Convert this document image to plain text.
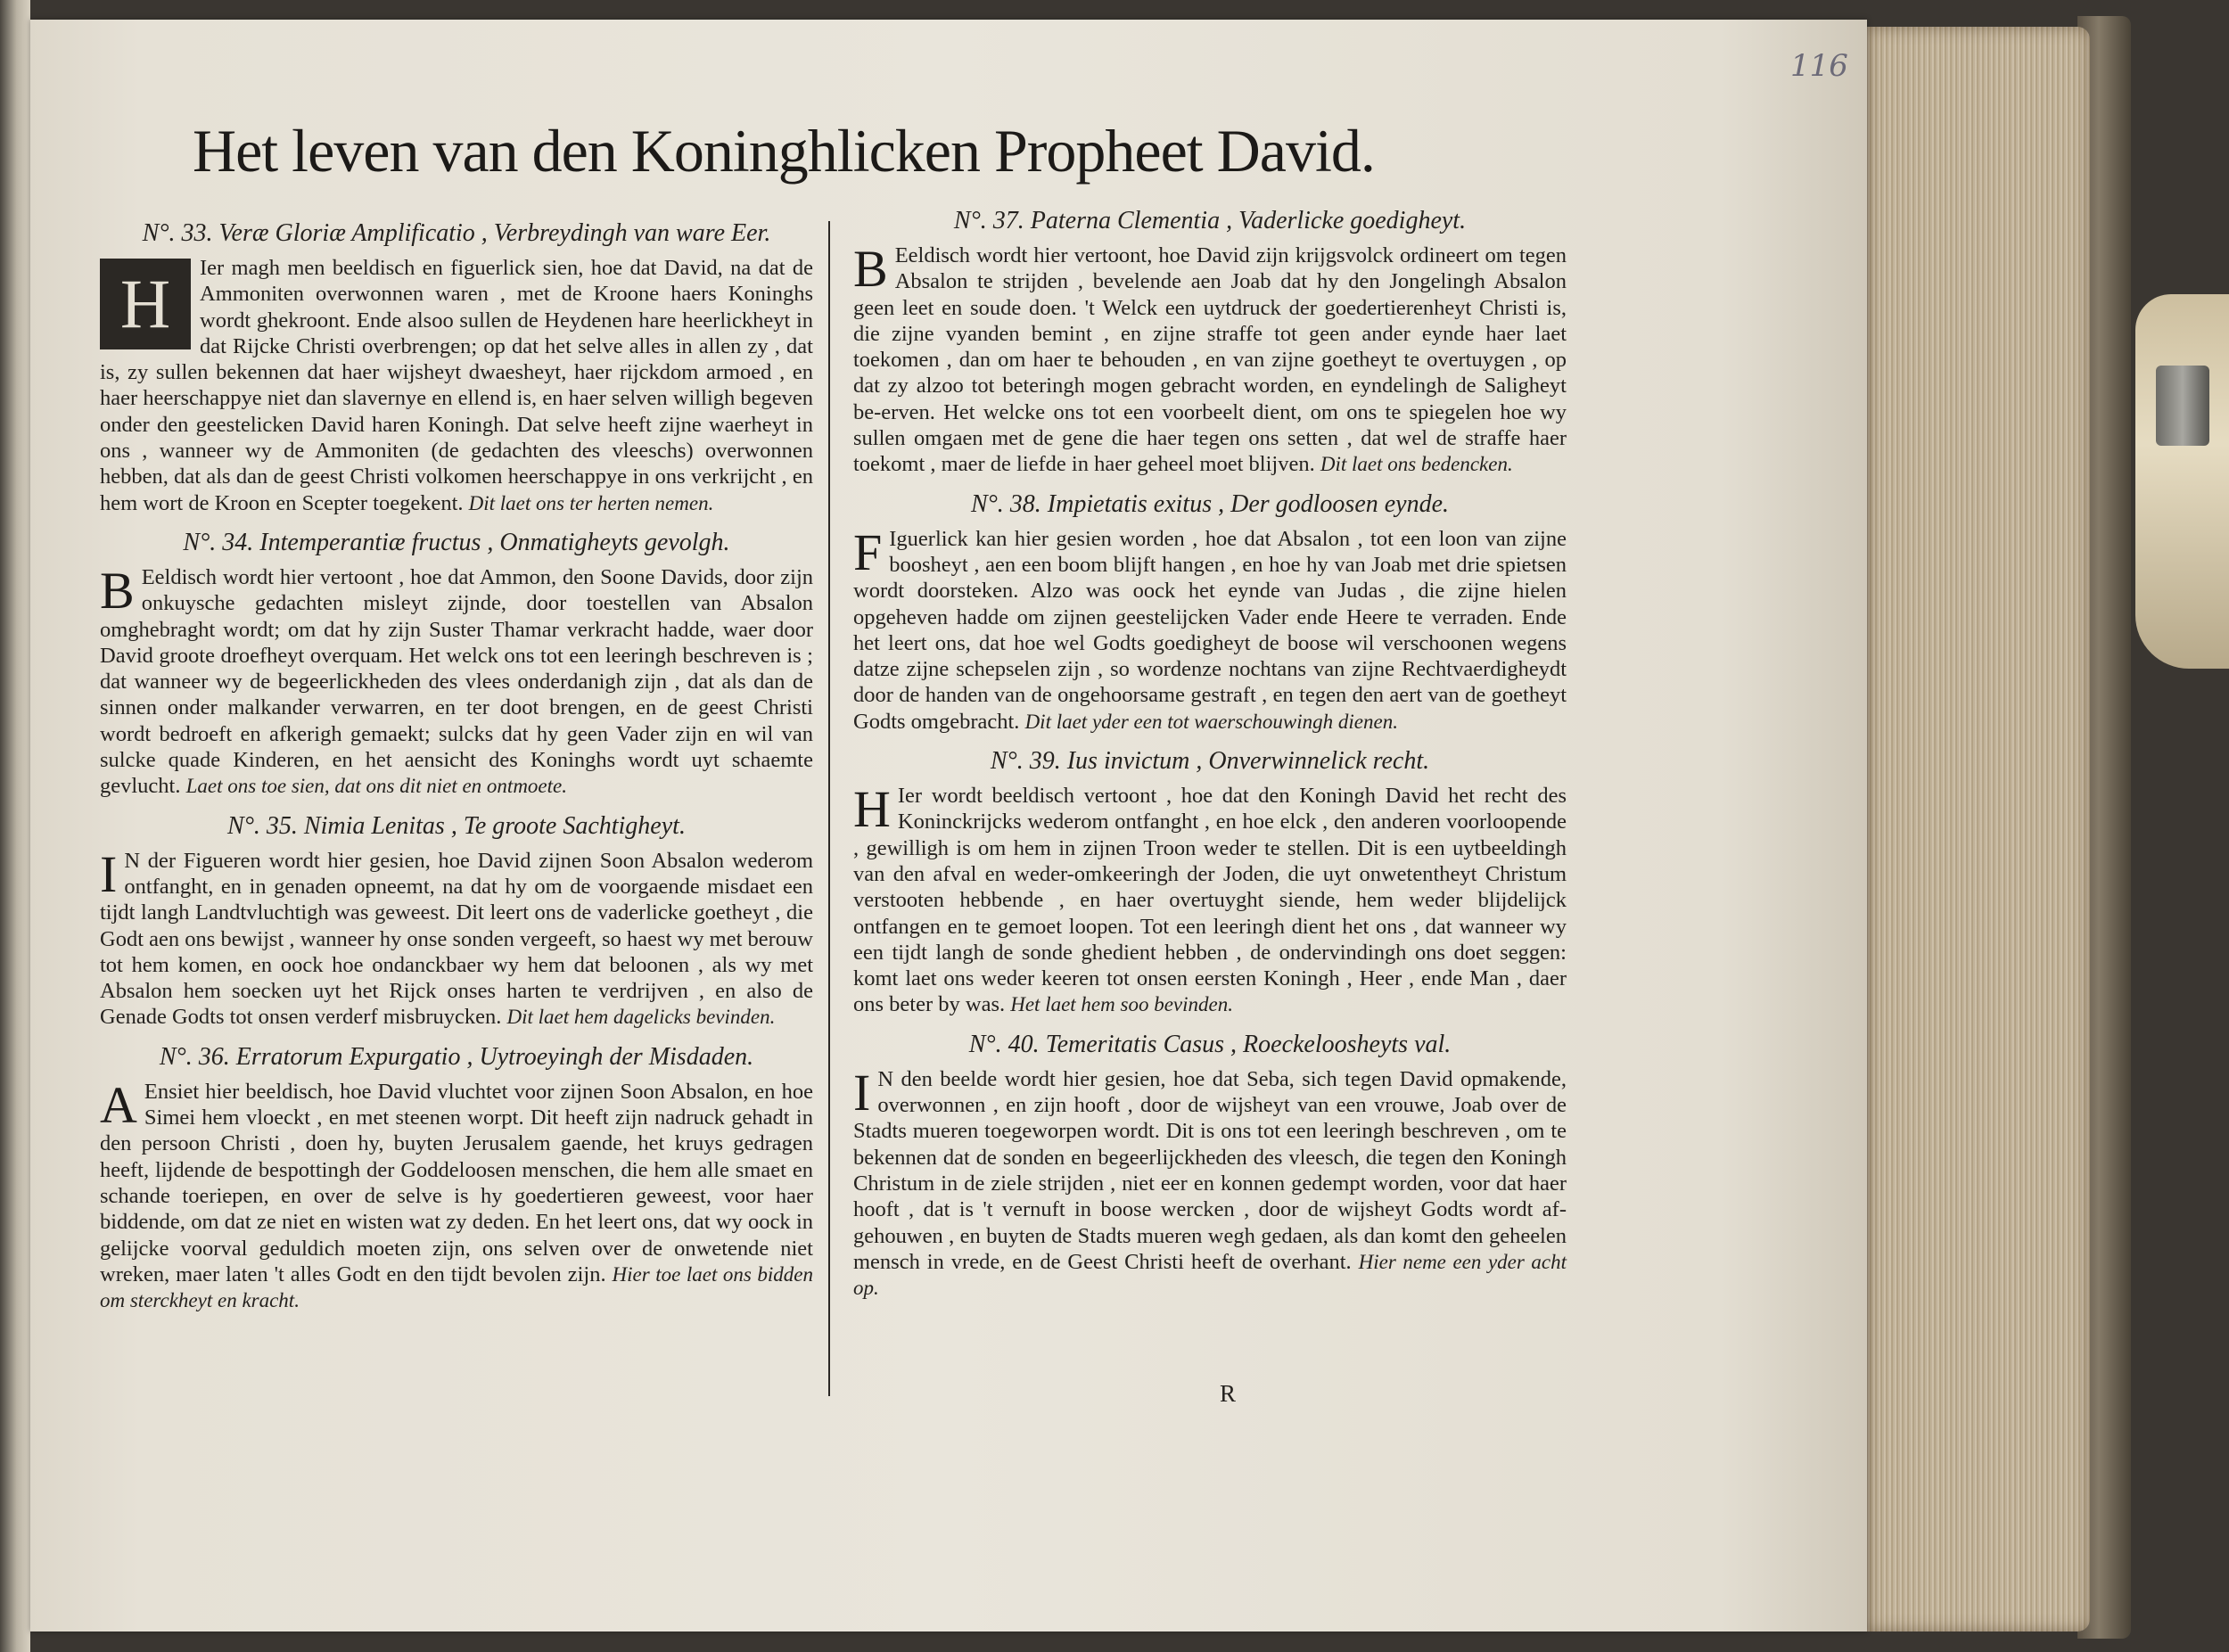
116
Het leven van den Koninghlicken Propheet David.
N°. 33. Veræ Gloriæ Amplificatio , Verbreydingh van ware Eer.

H	Ier magh men beeldisch en figuerlick sien, hoe dat David, na dat de Ammoniten overwonnen waren , met de Kroone haers Koninghs wordt ghekroont. Ende alsoo sullen de Heydenen hare heerlickheyt in dat Rijcke Christi overbrengen; op dat het selve alles in allen zy , dat is, zy sullen bekennen dat haer wijsheyt dwaesheyt, haer rijckdom armoed , en haer heerschappye niet dan slavernye en ellend is, en haer selven willigh begeven onder den geestelicken David haren Koningh. Dat selve heeft zijne waerheyt in ons , wanneer wy de Ammoniten (de gedachten des vleeschs) overwonnen hebben, dat als dan de geest Christi volkomen heerschappye in ons verkrijcht , en hem wort de Kroon en Scepter toegekent. Dit laet ons ter herten nemen.

N°. 34. Intemperantiæ fructus , Onmatigheyts gevolgh.

B Eeldisch wordt hier vertoont , hoe dat Ammon, den Soone Davids, door zijn onkuysche gedachten misleyt zijnde, door toestellen van Absalon omghebraght wordt; om dat hy zijn Suster Thamar verkracht hadde, waer door David groote droefheyt overquam. Het welck ons tot een leeringh beschreven is ; dat wanneer wy de begeerlickheden des vlees onderdanigh zijn , dat als dan de sinnen onder malkander verwarren, en ter doot brengen, en de geest Christi wordt bedroeft en afkerigh gemaekt; sulcks dat hy geen Vader zijn en wil van sulcke quade Kinderen, en het aensicht des Koninghs wordt uyt schaemte gevlucht. Laet ons toe sien, dat ons dit niet en ontmoete.

N°. 35. Nimia Lenitas , Te groote Sachtigheyt.

I N der Figueren wordt hier gesien, hoe David zijnen Soon Absalon wederom ontfanght, en in genaden opneemt, na dat hy om de voorgaende misdaet een tijdt langh Landtvluchtigh was geweest. Dit leert ons de vaderlicke goetheyt , die Godt aen ons bewijst , wanneer hy onse sonden vergeeft, so haest wy met berouw tot hem komen, en oock hoe ondanckbaer wy hem dat beloonen , als wy met Absalon hem soecken uyt het Rijck onses harten te verdrijven , en also de Genade Godts tot onsen verderf misbruycken. Dit laet hem dagelicks bevinden.

N°. 36. Erratorum Expurgatio , Uytroeyingh der Misdaden.

A Ensiet hier beeldisch, hoe David vluchtet voor zijnen Soon Absalon, en hoe Simei hem vloeckt , en met steenen worpt. Dit heeft zijn nadruck gehadt in den persoon Christi , doen hy, buyten Jerusalem gaende, het kruys gedragen heeft, lijdende de bespottingh der Goddeloosen menschen, die hem alle smaet en schande toeriepen, en over de selve is hy goedertieren geweest, voor haer biddende, om dat ze niet en wisten wat zy deden. En het leert ons, dat wy oock in gelijcke voorval geduldich moeten zijn, ons selven over de onwetende niet wreken, maer laten 't alles Godt en den tijdt bevolen zijn. Hier toe laet ons bidden om sterckheyt en kracht.

N°. 37. Paterna Clementia , Vaderlicke goedigheyt.

B Eeldisch wordt hier vertoont, hoe David zijn krijgsvolck ordineert om tegen Absalon te strijden , bevelende aen Joab dat hy den Jongelingh Absalon geen leet en soude doen. 't Welck een uytdruck der goedertierenheyt Christi is, die zijne vyanden bemint , en zijne straffe tot geen ander eynde haer laet toekomen , dan om haer te behouden , en van zijne goetheyt te overtuygen , op dat zy alzoo tot beteringh mogen gebracht worden, en eyndelingh de Saligheyt be-erven. Het welcke ons tot een voorbeelt dient, om ons te spiegelen hoe wy sullen omgaen met de gene die haer tegen ons setten , dat wel de straffe haer toekomt , maer de liefde in haer geheel moet blijven. Dit laet ons bedencken.

N°. 38. Impietatis exitus , Der godloosen eynde.

F Iguerlick kan hier gesien worden , hoe dat Absalon , tot een loon van zijne boosheyt , aen een boom blijft hangen , en hoe hy van Joab met drie spietsen wordt doorsteken. Alzo was oock het eynde van Judas , die zijne hielen opgeheven hadde om zijnen geestelijcken Vader ende Heere te verraden. Ende het leert ons, dat hoe wel Godts goedigheyt de boose wil verschoonen wegens datze zijne schepselen zijn , so wordenze nochtans van zijne Rechtvaerdigheydt door de handen van de ongehoorsame gestraft , en tegen den aert van de goetheyt Godts omgebracht. Dit laet yder een tot waerschouwingh dienen.

N°. 39. Ius invictum , Onverwinnelick recht.

H Ier wordt beeldisch vertoont , hoe dat den Koningh David het recht des Koninckrijcks wederom ontfanght , en hoe elck , den anderen voorloopende , gewilligh is om hem in zijnen Troon weder te stellen. Dit is een uytbeeldingh van den afval en weder-omkeeringh der Joden, die uyt onwetentheyt Christum verstooten hebbende , en haer overtuyght siende, hem weder blijdelijck ontfangen en te gemoet loopen. Tot een leeringh dient het ons , dat wanneer wy een tijdt langh de sonde ghedient hebben , de ondervindingh ons doet seggen: komt laet ons weder keeren tot onsen eersten Koningh , Heer , ende Man , daer ons beter by was. Het laet hem soo bevinden.

N°. 40. Temeritatis Casus , Roeckeloosheyts val.

I N den beelde wordt hier gesien, hoe dat Seba, sich tegen David opmakende, overwonnen , en zijn hooft , door de wijsheyt van een vrouwe, Joab over de Stadts mueren toegeworpen wordt. Dit is ons tot een leeringh beschreven , om te bekennen dat de sonden en begeerlijckheden des vleesch, die tegen den Koningh Christum in de ziele strijden , niet eer en konnen gedempt worden, voor dat haer hooft , dat is 't vernuft in boose wercken , door de wijsheyt Godts wordt af-gehouwen , en buyten de Stadts mueren wegh gedaen, als dan komt den geheelen mensch in vrede, en de Geest Christi heeft de overhant. Hier neme een yder acht op.

R
